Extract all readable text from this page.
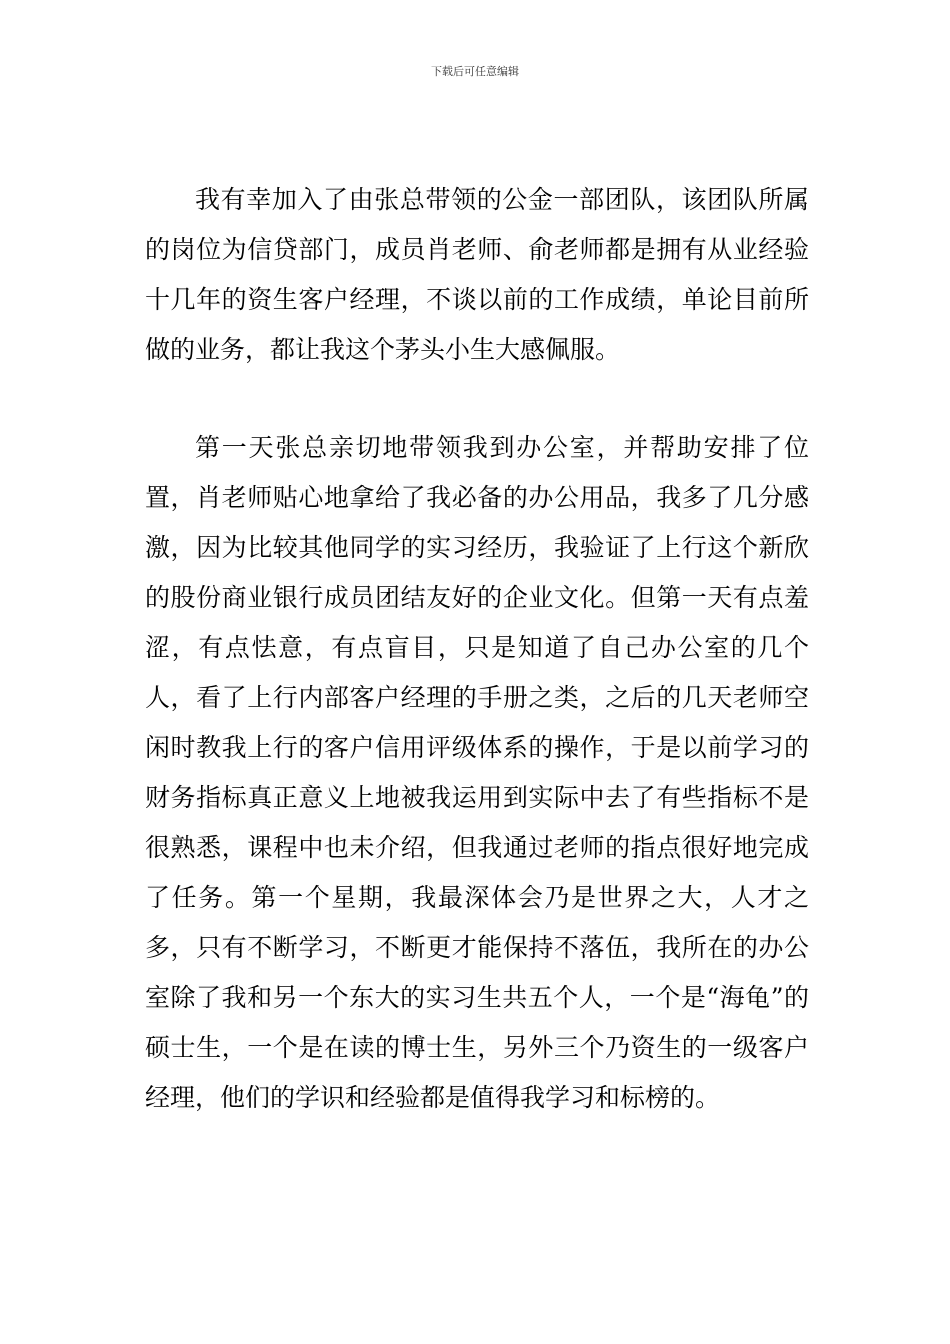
下载后可任意编辑

我有幸加入了由张总带领的公金一部团队，该团队所属的岗位为信贷部门，成员肖老师、俞老师都是拥有从业经验十几年的资生客户经理，不谈以前的工作成绩，单论目前所做的业务，都让我这个茅头小生大感佩服。

第一天张总亲切地带领我到办公室，并帮助安排了位置，肖老师贴心地拿给了我必备的办公用品，我多了几分感激，因为比较其他同学的实习经历，我验证了上行这个新欣的股份商业银行成员团结友好的企业文化。但第一天有点羞涩，有点怯意，有点盲目，只是知道了自己办公室的几个人，看了上行内部客户经理的手册之类，之后的几天老师空闲时教我上行的客户信用评级体系的操作，于是以前学习的财务指标真正意义上地被我运用到实际中去了有些指标不是很熟悉，课程中也未介绍，但我通过老师的指点很好地完成了任务。第一个星期，我最深体会乃是世界之大，人才之多，只有不断学习，不断更才能保持不落伍，我所在的办公室除了我和另一个东大的实习生共五个人，一个是“海龟”的硕士生，一个是在读的博士生，另外三个乃资生的一级客户经理，他们的学识和经验都是值得我学习和标榜的。
